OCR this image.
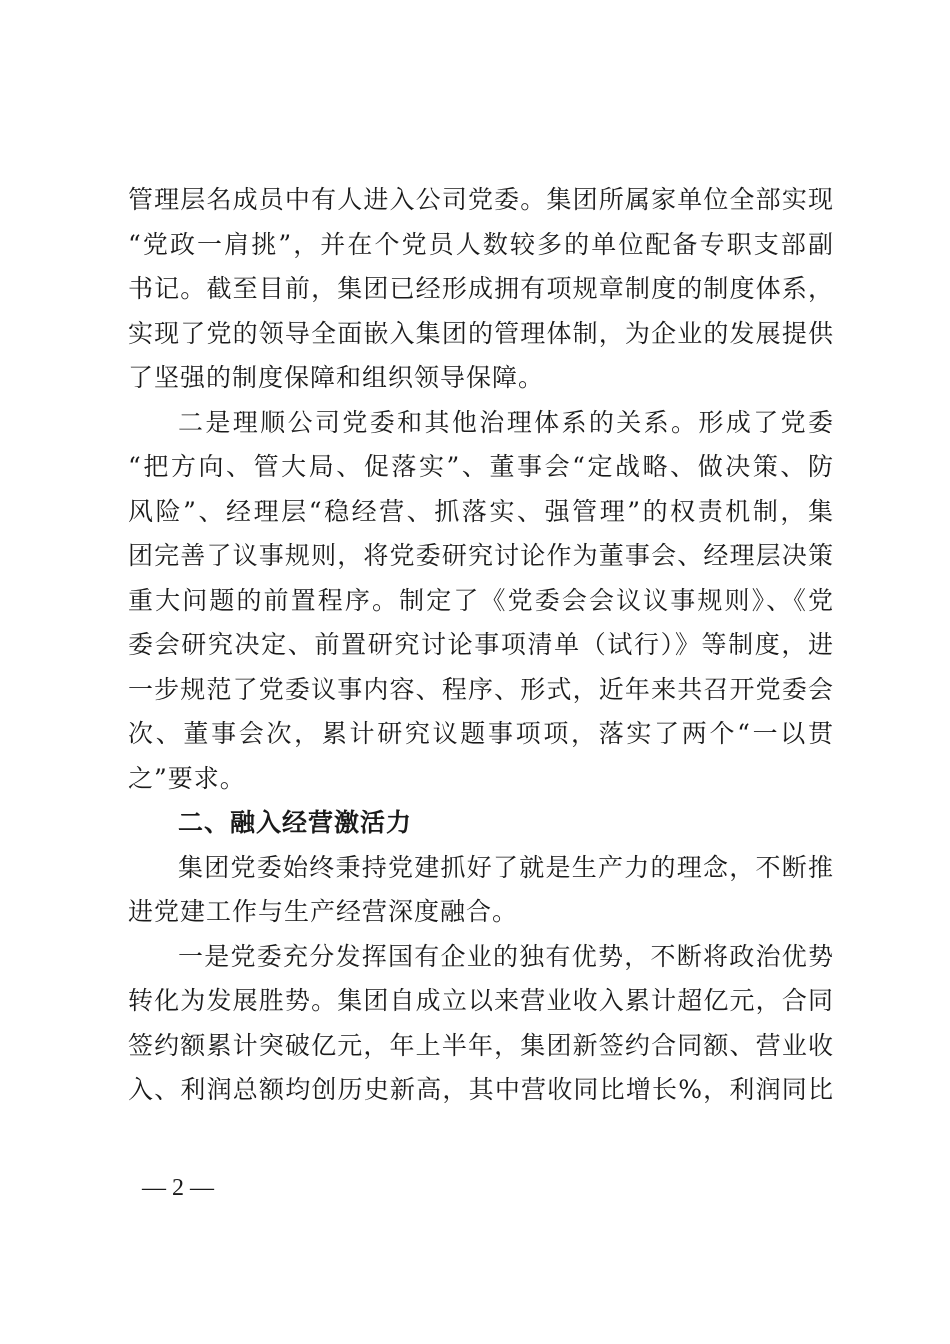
管理层名成员中有人进入公司党委。集团所属家单位全部实现
“党政一肩挑”，并在个党员人数较多的单位配备专职支部副
书记。截至目前，集团已经形成拥有项规章制度的制度体系，
实现了党的领导全面嵌入集团的管理体制，为企业的发展提供
了坚强的制度保障和组织领导保障。
二是理顺公司党委和其他治理体系的关系。形成了党委
“把方向、管大局、促落实”、董事会“定战略、做决策、防
风险”、经理层“稳经营、抓落实、强管理”的权责机制，集
团完善了议事规则，将党委研究讨论作为董事会、经理层决策
重大问题的前置程序。制定了《党委会会议议事规则》、《党
委会研究决定、前置研究讨论事项清单（试行）》等制度，进
一步规范了党委议事内容、程序、形式，近年来共召开党委会
次、董事会次，累计研究议题事项项，落实了两个“一以贯
之”要求。
二、融入经营激活力
集团党委始终秉持党建抓好了就是生产力的理念，不断推
进党建工作与生产经营深度融合。
一是党委充分发挥国有企业的独有优势，不断将政治优势
转化为发展胜势。集团自成立以来营业收入累计超亿元，合同
签约额累计突破亿元，年上半年，集团新签约合同额、营业收
入、利润总额均创历史新高，其中营收同比增长%，利润同比
— 2 —
